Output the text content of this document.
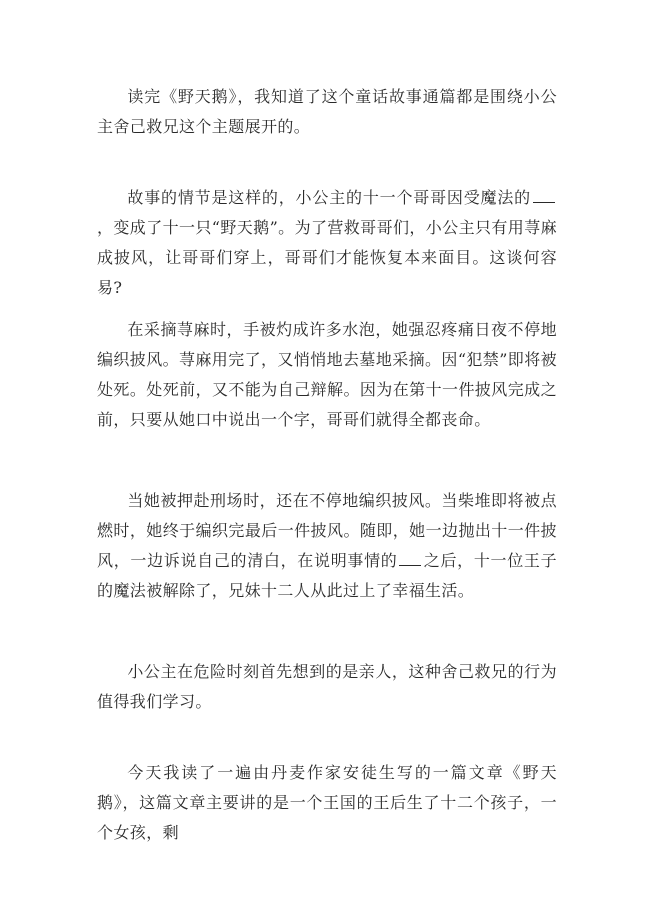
读完《野天鹅》，我知道了这个童话故事通篇都是围绕小公主舍己救兄这个主题展开的。

故事的情节是这样的，小公主的十一个哥哥因受魔法的，变成了十一只“野天鹅”。为了营救哥哥们，小公主只有用荨麻成披风，让哥哥们穿上，哥哥们才能恢复本来面目。这谈何容易?

在采摘荨麻时，手被灼成许多水泡，她强忍疼痛日夜不停地编织披风。荨麻用完了，又悄悄地去墓地采摘。因“犯禁”即将被处死。处死前，又不能为自己辩解。因为在第十一件披风完成之前，只要从她口中说出一个字，哥哥们就得全都丧命。

当她被押赴刑场时，还在不停地编织披风。当柴堆即将被点燃时，她终于编织完最后一件披风。随即，她一边抛出十一件披风，一边诉说自己的清白，在说明事情的 之后，十一位王子的魔法被解除了，兄妹十二人从此过上了幸福生活。

小公主在危险时刻首先想到的是亲人，这种舍己救兄的行为值得我们学习。

今天我读了一遍由丹麦作家安徒生写的一篇文章《野天鹅》，这篇文章主要讲的是一个王国的王后生了十二个孩子，一个女孩，剩
